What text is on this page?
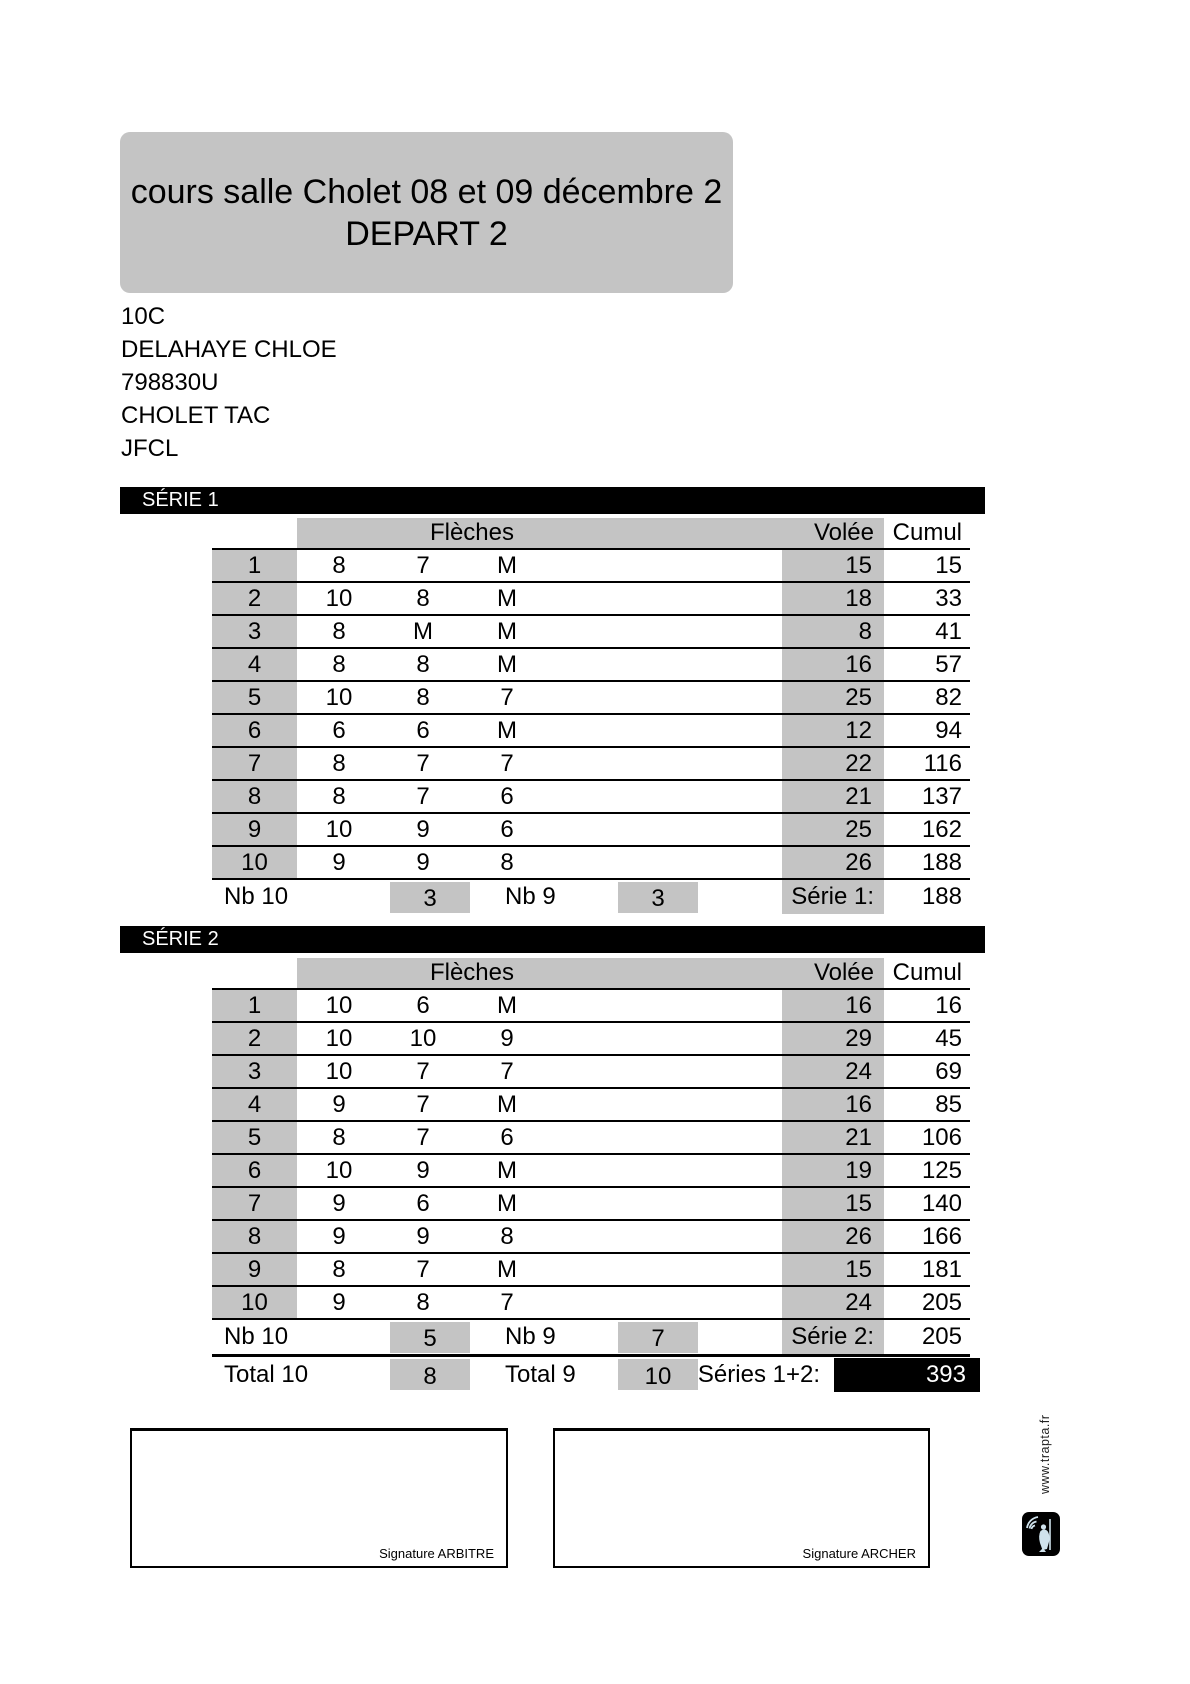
cours salle Cholet 08 et 09 décembre 2
DEPART 2
10C
DELAHAYE CHLOE
798830U
CHOLET TAC
JFCL
SÉRIE 1
Flèches	Volée Cumul
1	8	7	M	15	15
2	10	8	M	18	33
3	8	M	M	8	41
4	8	8	M	16	57
5	10	8	7	25	82
6	6	6	M	12	94
7	8	7	7	22	116
8	8	7	6	21	137
9	10	9	6	25	162
10	9	9	8	26	188
Nb 10	3	Nb 9	3	Série 1:	188
SÉRIE 2
Flèches	Volée Cumul
1	10	6	M	16	16
2	10	10	9	29	45
3	10	7	7	24	69
4	9	7	M	16	85
5	8	7	6	21	106
6	10	9	M	19	125
7	9	6	M	15	140
8	9	9	8	26	166
9	8	7	M	15	181
10	9	8	7	24	205
Nb 10	5	Nb 9	7	Série 2:	205
Total 10	8	Total 9	10	Séries 1+2:	393
Signature ARBITRE	Signature ARCHER
www.trapta.fr
